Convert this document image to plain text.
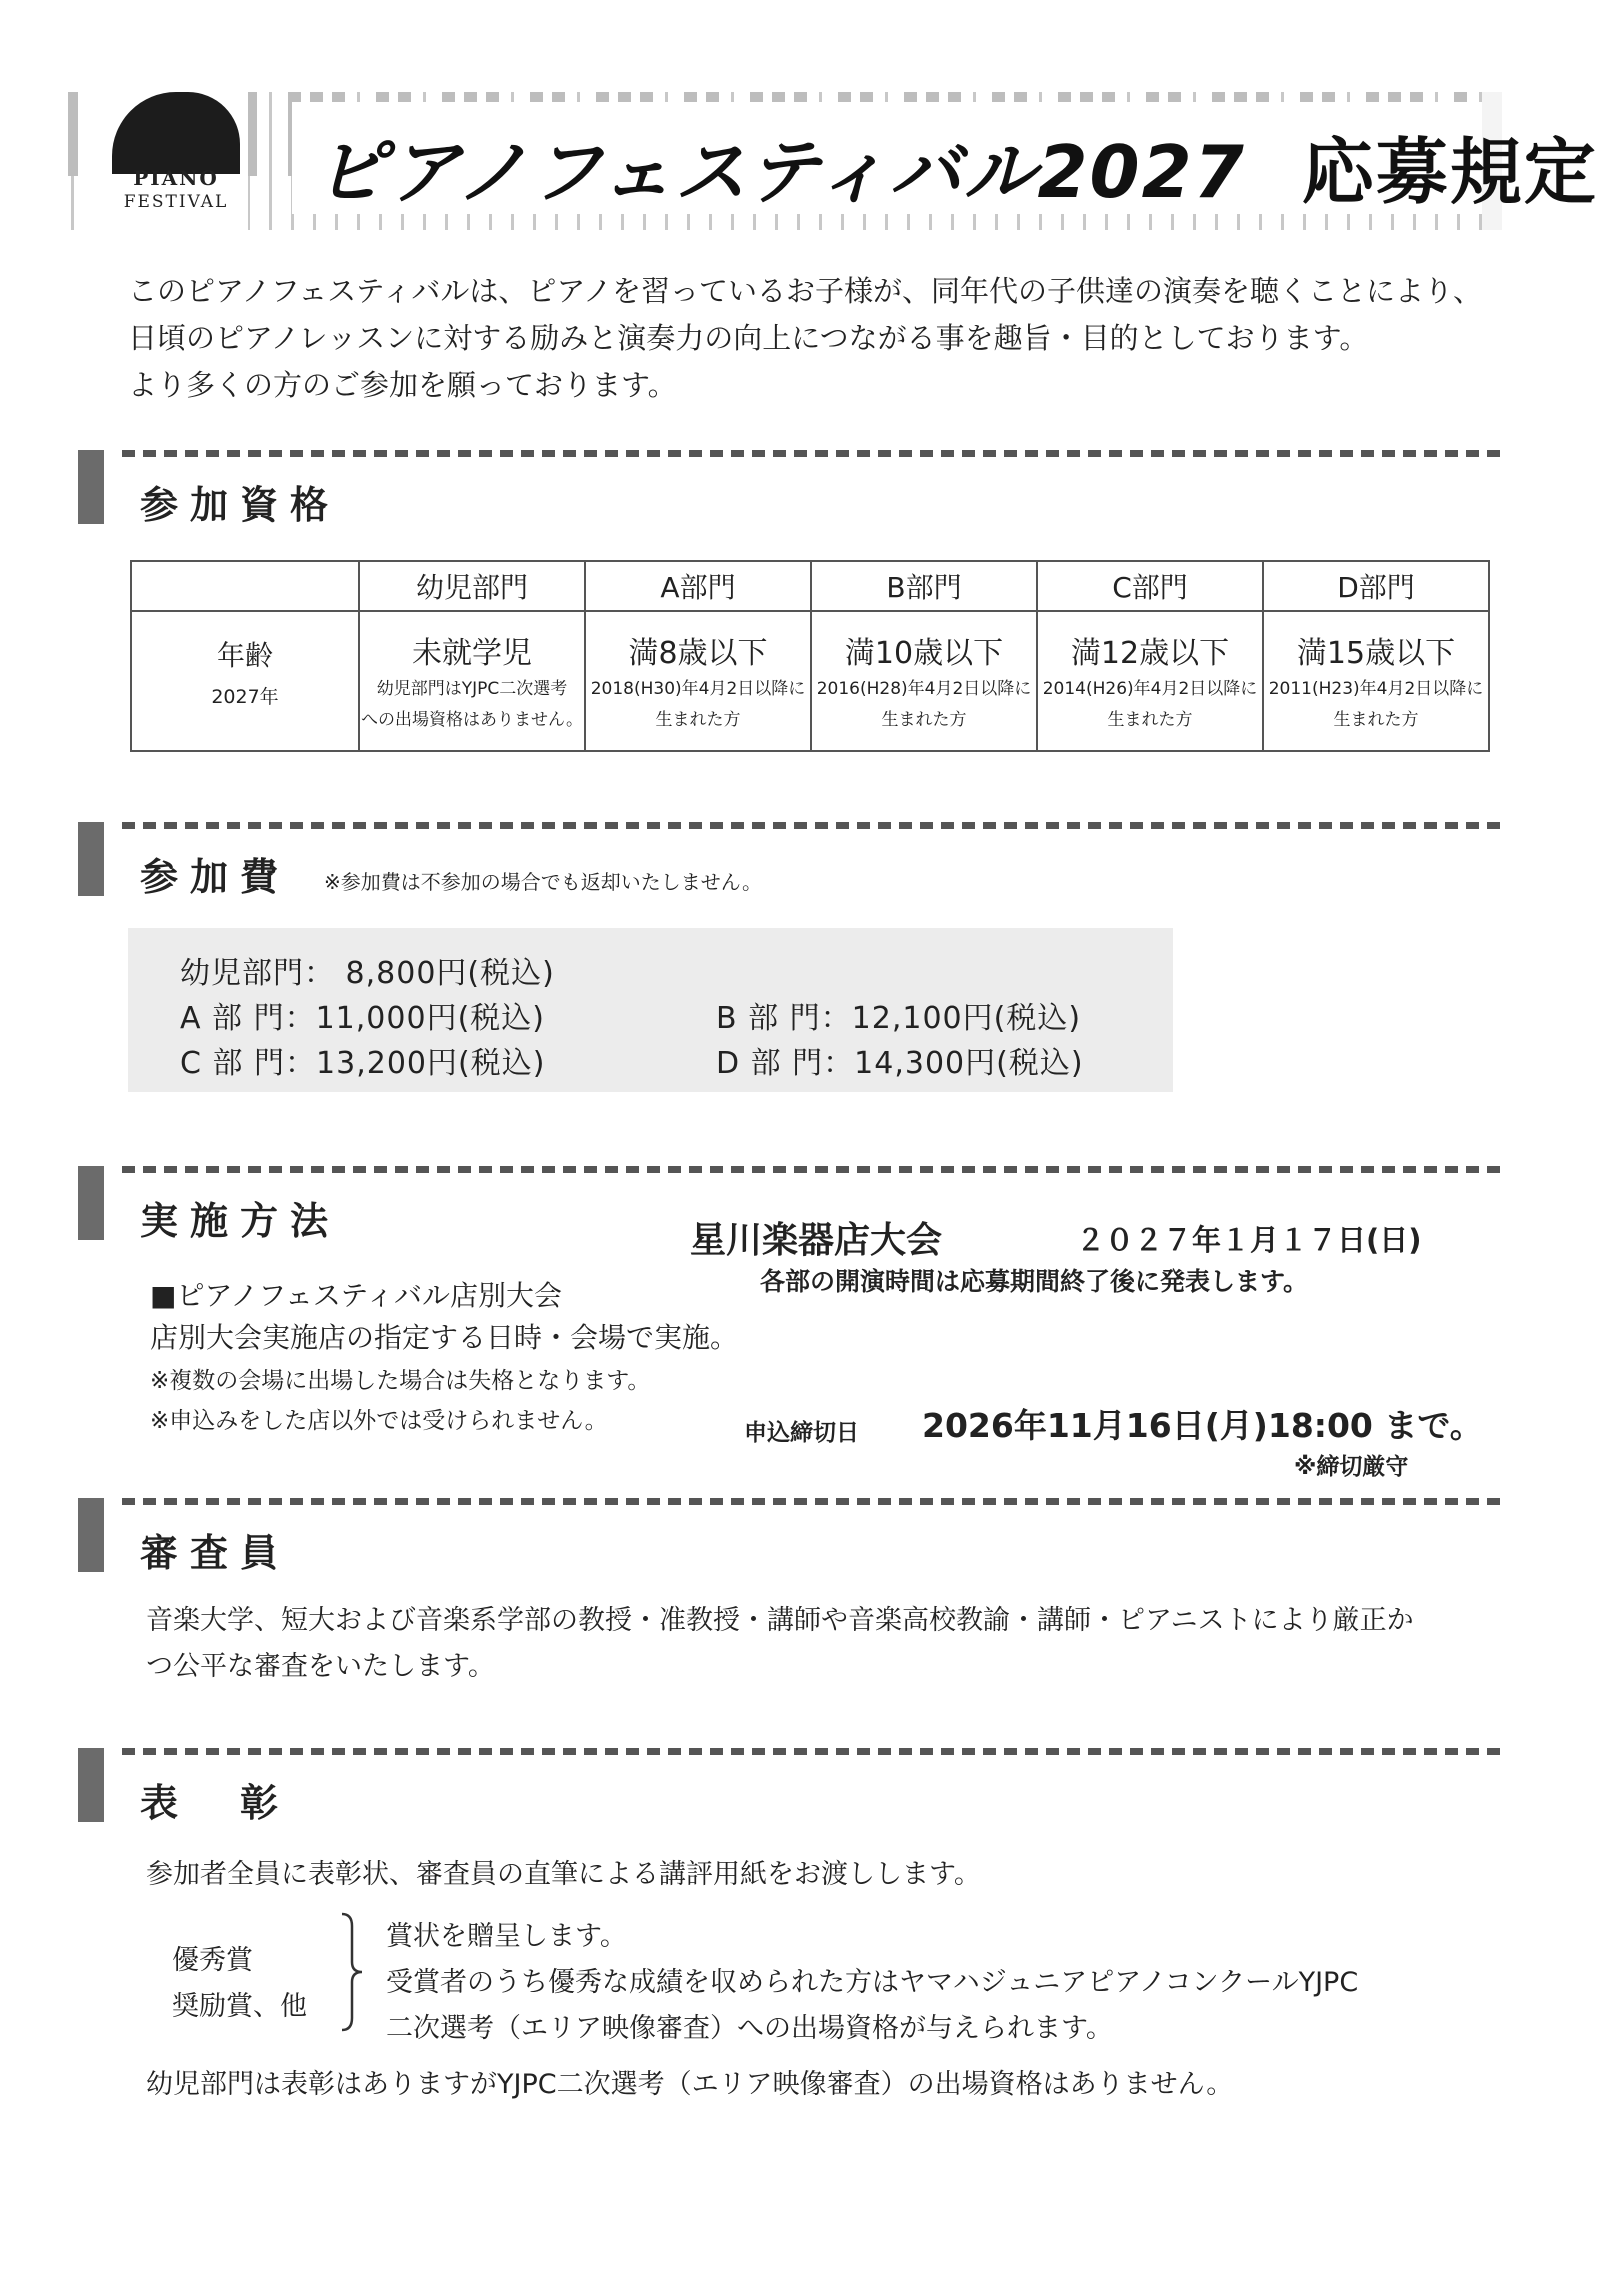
PIANO
FESTIVAL	ピアノフェスティバル2027 応募規定
このピアノフェスティバルは、ピアノを習っているお子様が、同年代の子供達の演奏を聴くことにより、
日頃のピアノレッスンに対する励みと演奏力の向上につながる事を趣旨・目的としております。
より多くの方のご参加を願っております。
参加資格
	幼児部門	A部門	B部門	C部門	D部門

年齢
2027年	未就学児
幼児部門はYJPC二次選考
への出場資格はありません。	満8歳以下
2018(H30)年4月2日以降に
生まれた方	満10歳以下
2016(H28)年4月2日以降に
生まれた方	満12歳以下
2014(H26)年4月2日以降に
生まれた方	満15歳以下
2011(H23)年4月2日以降に
生まれた方
参加費 ※参加費は不参加の場合でも返却いたしません。
幼児部門： 8,800円(税込)
A 部 門：11,000円(税込)	B 部 門：12,100円(税込)
C 部 門：13,200円(税込)	D 部 門：14,300円(税込)
実施方法	星川楽器店大会	２０２７年１月１７日(日)
各部の開演時間は応募期間終了後に発表します。
■ピアノフェスティバル店別大会
店別大会実施店の指定する日時・会場で実施。
※複数の会場に出場した場合は失格となります。
※申込みをした店以外では受けられません。	申込締切日 2026年11月16日(月)18:00 まで。
※締切厳守
審査員
音楽大学、短大および音楽系学部の教授・准教授・講師や音楽高校教諭・講師・ピアニストにより厳正か
つ公平な審査をいたします。
表　彰
参加者全員に表彰状、審査員の直筆による講評用紙をお渡しします。
優秀賞
奨励賞、他
賞状を贈呈します。
受賞者のうち優秀な成績を収められた方はヤマハジュニアピアノコンクールYJPC
二次選考（エリア映像審査）への出場資格が与えられます。
幼児部門は表彰はありますがYJPC二次選考（エリア映像審査）の出場資格はありません。
